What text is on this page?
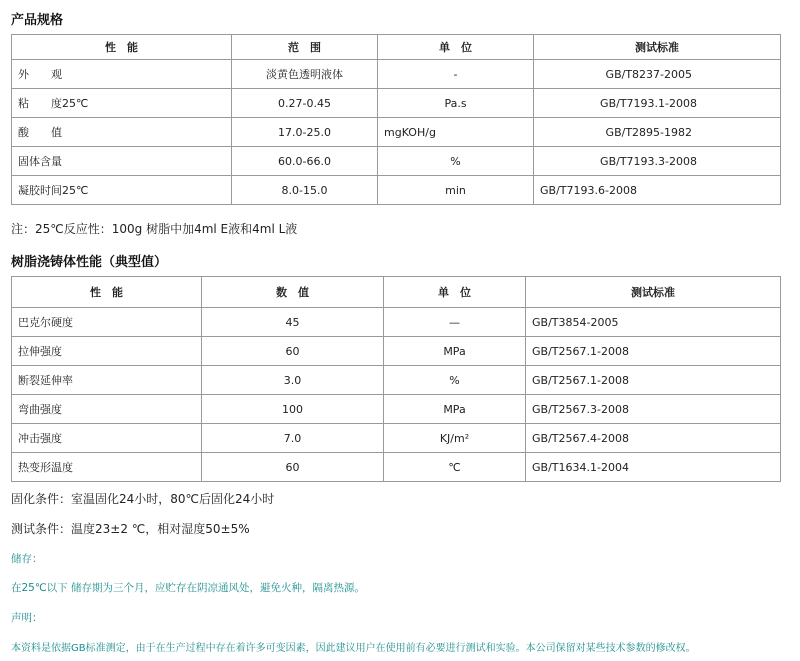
产品规格
性　能	范　围	单　位	测试标准
外　　观	淡黄色透明液体	-	GB/T8237-2005
粘　　度25℃	0.27-0.45	Pa.s	GB/T7193.1-2008
酸　　值	17.0-25.0	mgKOH/g	GB/T2895-1982
固体含量	60.0-66.0	%	GB/T7193.3-2008
凝胶时间25℃	8.0-15.0	min	GB/T7193.6-2008
注：25℃反应性：100g 树脂中加4ml E液和4ml L液
树脂浇铸体性能（典型值）
性　能	数　值	单　位	测试标准
巴克尔硬度	45	—	GB/T3854-2005
拉伸强度	60	MPa	GB/T2567.1-2008
断裂延伸率	3.0	%	GB/T2567.1-2008
弯曲强度	100	MPa	GB/T2567.3-2008
冲击强度	7.0	KJ/m²	GB/T2567.4-2008
热变形温度	60	℃	GB/T1634.1-2004
固化条件：室温固化24小时，80℃后固化24小时
测试条件：温度23±2 ℃，相对湿度50±5%
储存：
在25℃以下 储存期为三个月，应贮存在阴凉通风处，避免火种，隔离热源。
声明：
本资料是依据GB标准测定，由于在生产过程中存在着许多可变因素，因此建议用户在使用前有必要进行测试和实验。本公司保留对某些技术参数的修改权。
